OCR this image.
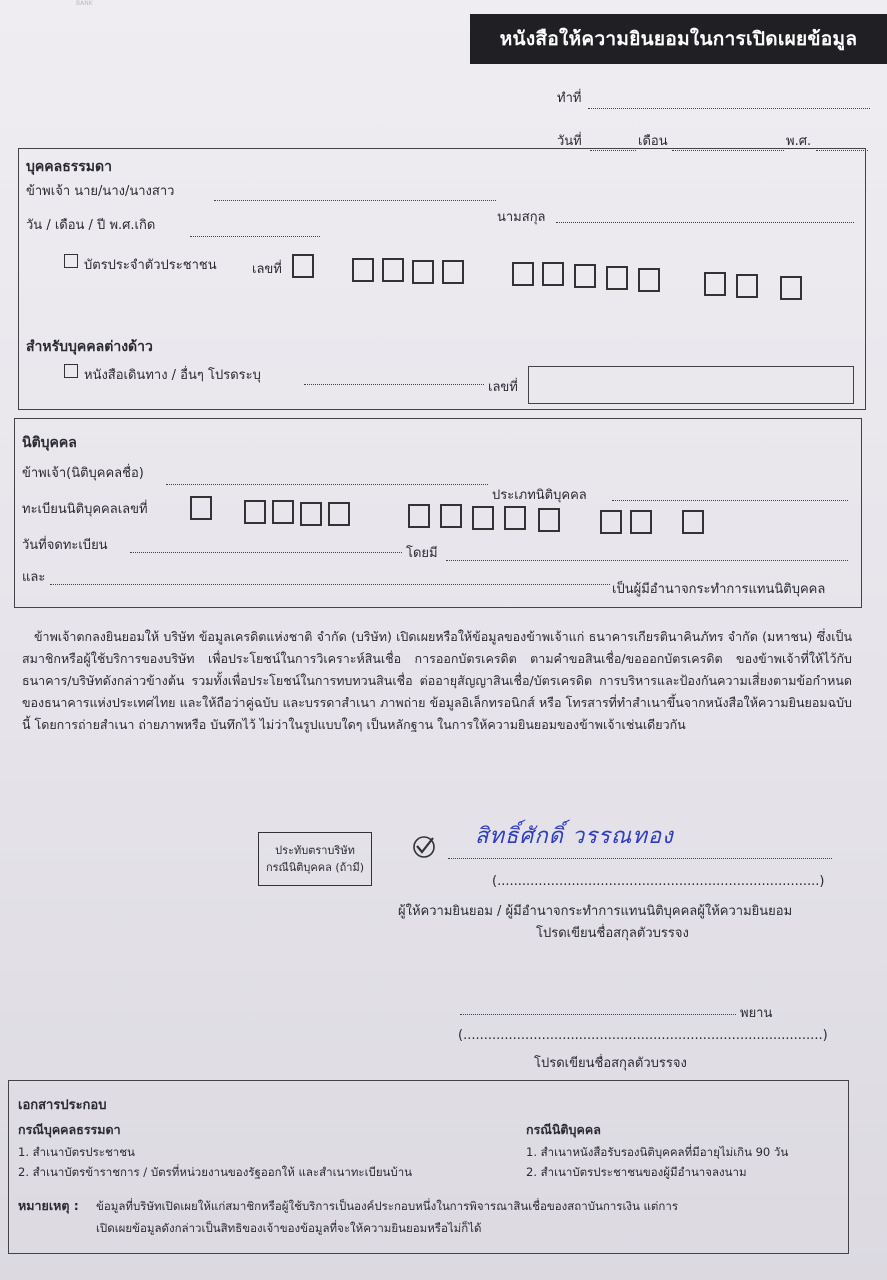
BANK
หนังสือให้ความยินยอมในการเปิดเผยข้อมูล
ทำที่
วันที่	เดือน	พ.ศ.
บุคคลธรรมดา
ข้าพเจ้า นาย/นาง/นางสาว
นามสกุล
วัน / เดือน / ปี พ.ศ.เกิด
บัตรประจำตัวประชาชน	เลขที่
สำหรับบุคคลต่างด้าว
หนังสือเดินทาง / อื่นๆ โปรดระบุ
เลขที่
นิติบุคคล
ข้าพเจ้า(นิติบุคคลชื่อ)
ประเภทนิติบุคคล
ทะเบียนนิติบุคคลเลขที่
วันที่จดทะเบียน
โดยมี
และ
เป็นผู้มีอำนาจกระทำการแทนนิติบุคคล
ข้าพเจ้าตกลงยินยอมให้ บริษัท ข้อมูลเครดิตแห่งชาติ จำกัด (บริษัท) เปิดเผยหรือให้ข้อมูลของข้าพเจ้าแก่ ธนาคารเกียรตินาคินภัทร จำกัด (มหาชน) ซึ่งเป็นสมาชิกหรือผู้ใช้บริการของบริษัท เพื่อประโยชน์ในการวิเคราะห์สินเชื่อ การออกบัตรเครดิต ตามคำขอสินเชื่อ/ขอออกบัตรเครดิต ของข้าพเจ้าที่ให้ไว้กับธนาคาร/บริษัทดังกล่าวข้างต้น รวมทั้งเพื่อประโยชน์ในการทบทวนสินเชื่อ ต่ออายุสัญญาสินเชื่อ/บัตรเครดิต การบริหารและป้องกันความเสี่ยงตามข้อกำหนดของธนาคารแห่งประเทศไทย และให้ถือว่าคู่ฉบับ และบรรดาสำเนา ภาพถ่าย ข้อมูลอิเล็กทรอนิกส์ หรือ โทรสารที่ทำสำเนาขึ้นจากหนังสือให้ความยินยอมฉบับนี้ โดยการถ่ายสำเนา ถ่ายภาพหรือ บันทึกไว้ ไม่ว่าในรูปแบบใดๆ เป็นหลักฐาน ในการให้ความยินยอมของข้าพเจ้าเช่นเดียวกัน
ประทับตราบริษัท
กรณีนิติบุคคล (ถ้ามี)
สิทธิ์ศักดิ์ วรรณทอง
(..............................................................................)
ผู้ให้ความยินยอม / ผู้มีอำนาจกระทำการแทนนิติบุคคลผู้ให้ความยินยอม
โปรดเขียนชื่อสกุลตัวบรรจง
พยาน
(.......................................................................................)
โปรดเขียนชื่อสกุลตัวบรรจง
เอกสารประกอบ
กรณีบุคคลธรรมดา
1. สำเนาบัตรประชาชน
2. สำเนาบัตรข้าราชการ / บัตรที่หน่วยงานของรัฐออกให้ และสำเนาทะเบียนบ้าน
กรณีนิติบุคคล
1. สำเนาหนังสือรับรองนิติบุคคลที่มีอายุไม่เกิน 90 วัน
2. สำเนาบัตรประชาชนของผู้มีอำนาจลงนาม
หมายเหตุ : ข้อมูลที่บริษัทเปิดเผยให้แก่สมาชิกหรือผู้ใช้บริการเป็นองค์ประกอบหนึ่งในการพิจารณาสินเชื่อของสถาบันการเงิน แต่การ
เปิดเผยข้อมูลดังกล่าวเป็นสิทธิของเจ้าของข้อมูลที่จะให้ความยินยอมหรือไม่ก็ได้
